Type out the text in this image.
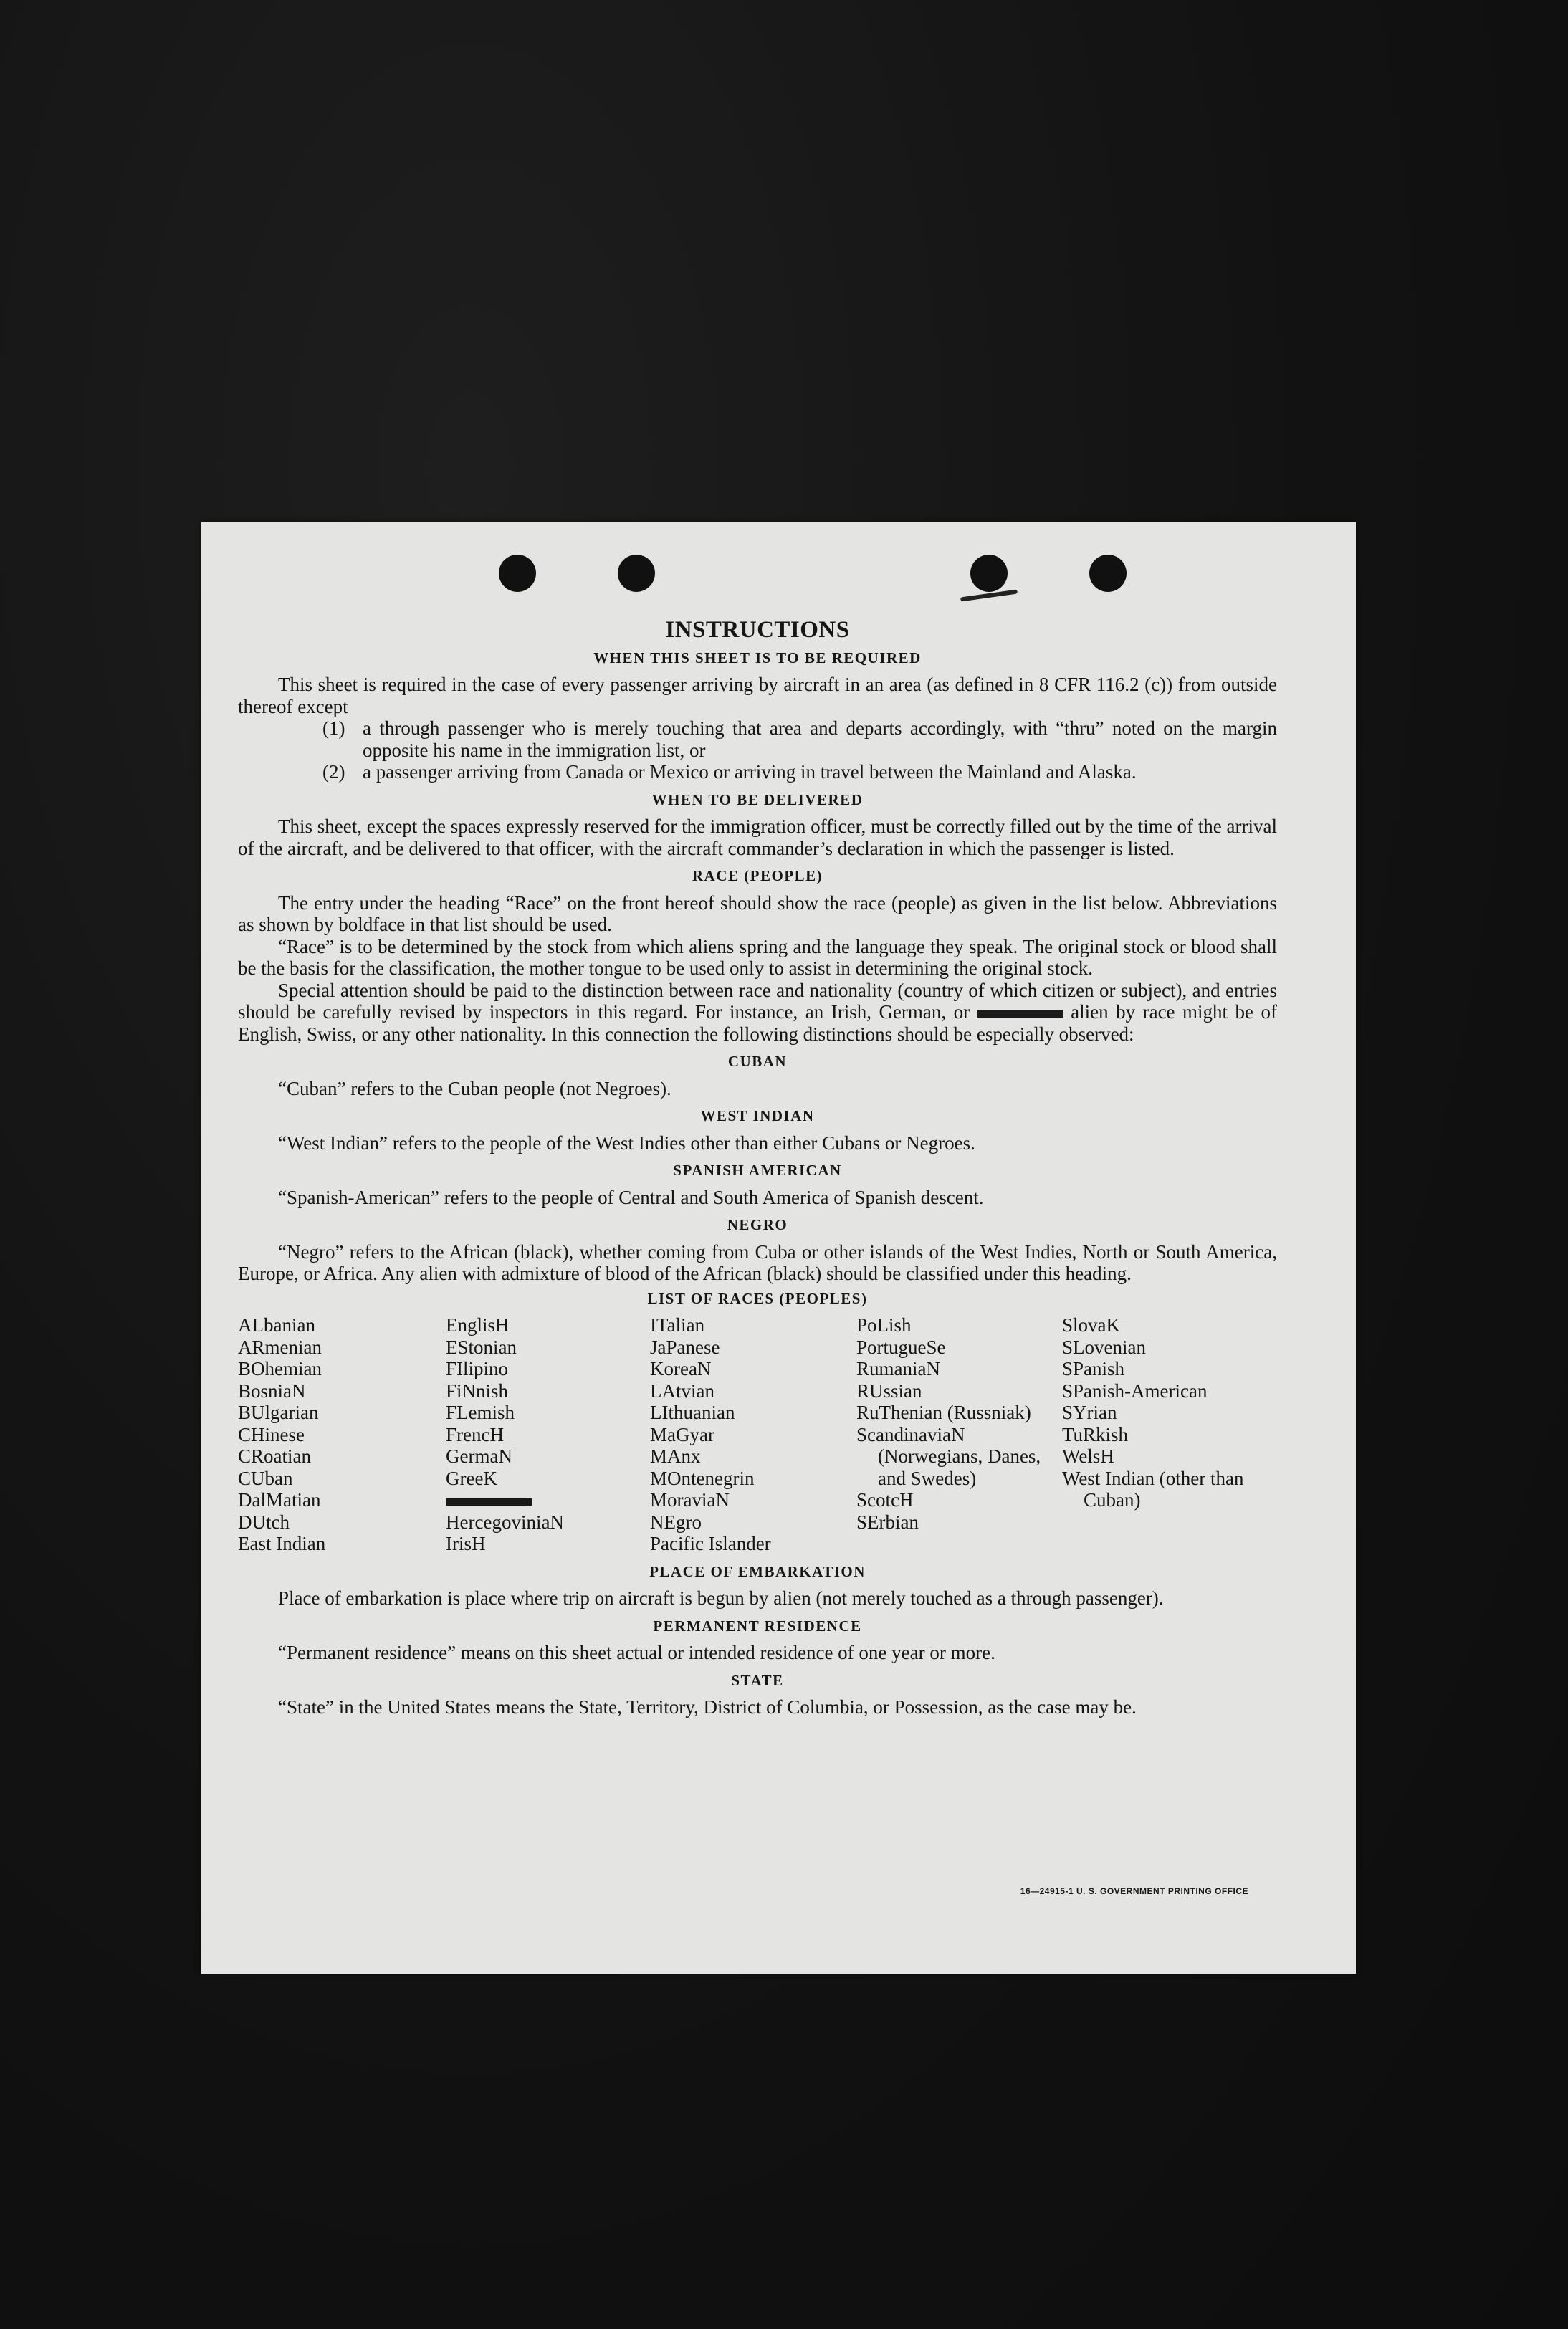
INSTRUCTIONS
WHEN THIS SHEET IS TO BE REQUIRED

This sheet is required in the case of every passenger arriving by aircraft in an area (as defined in 8 CFR 116.2 (c)) from outside thereof except

(1) a through passenger who is merely touching that area and departs accordingly, with “thru” noted on the margin opposite his name in the immigration list, or
(2) a passenger arriving from Canada or Mexico or arriving in travel between the Mainland and Alaska.
WHEN TO BE DELIVERED

This sheet, except the spaces expressly reserved for the immigration officer, must be correctly filled out by the time of the arrival of the aircraft, and be delivered to that officer, with the aircraft commander’s declaration in which the passenger is listed.

RACE (PEOPLE)

The entry under the heading “Race” on the front hereof should show the race (people) as given in the list below. Abbreviations as shown by boldface in that list should be used.

“Race” is to be determined by the stock from which aliens spring and the language they speak. The original stock or blood shall be the basis for the classification, the mother tongue to be used only to assist in determining the original stock.

Special attention should be paid to the distinction between race and nationality (country of which citizen or subject), and entries should be carefully revised by inspectors in this regard. For instance, an Irish, German, or	alien by race might be of English, Swiss, or any other nationality. In this connection the following distinctions should be especially observed:

CUBAN

“Cuban” refers to the Cuban people (not Negroes).

WEST INDIAN

“West Indian” refers to the people of the West Indies other than either Cubans or Negroes.

SPANISH AMERICAN

“Spanish-American” refers to the people of Central and South America of Spanish descent.

NEGRO

“Negro” refers to the African (black), whether coming from Cuba or other islands of the West Indies, North or South America, Europe, or Africa. Any alien with admixture of blood of the African (black) should be classified under this heading.

LIST OF RACES (PEOPLES)
ALbanian
ARmenian
BOhemian
BosniaN
BUlgarian
CHinese
CRoatian
CUban
DalMatian
DUtch
East Indian
EnglisH
EStonian
FIlipino
FiNnish
FLemish
FrencH
GermaN
GreeK
HercegoviniaN
IrisH
ITalian
JaPanese
KoreaN
LAtvian
LIthuanian
MaGyar
MAnx
MOntenegrin
MoraviaN
NEgro
Pacific Islander
PoLish
PortugueSe
RumaniaN
RUssian
RuThenian (Russniak)
ScandinaviaN (Norwegians, Danes, and Swedes)
ScotcH
SErbian
SlovaK
SLovenian
SPanish
SPanish-American
SYrian
TuRkish
WelsH
West Indian (other than Cuban)
PLACE OF EMBARKATION

Place of embarkation is place where trip on aircraft is begun by alien (not merely touched as a through passenger).

PERMANENT RESIDENCE

“Permanent residence” means on this sheet actual or intended residence of one year or more.

STATE

“State” in the United States means the State, Territory, District of Columbia, or Possession, as the case may be.

16—24915-1 U. S. GOVERNMENT PRINTING OFFICE
